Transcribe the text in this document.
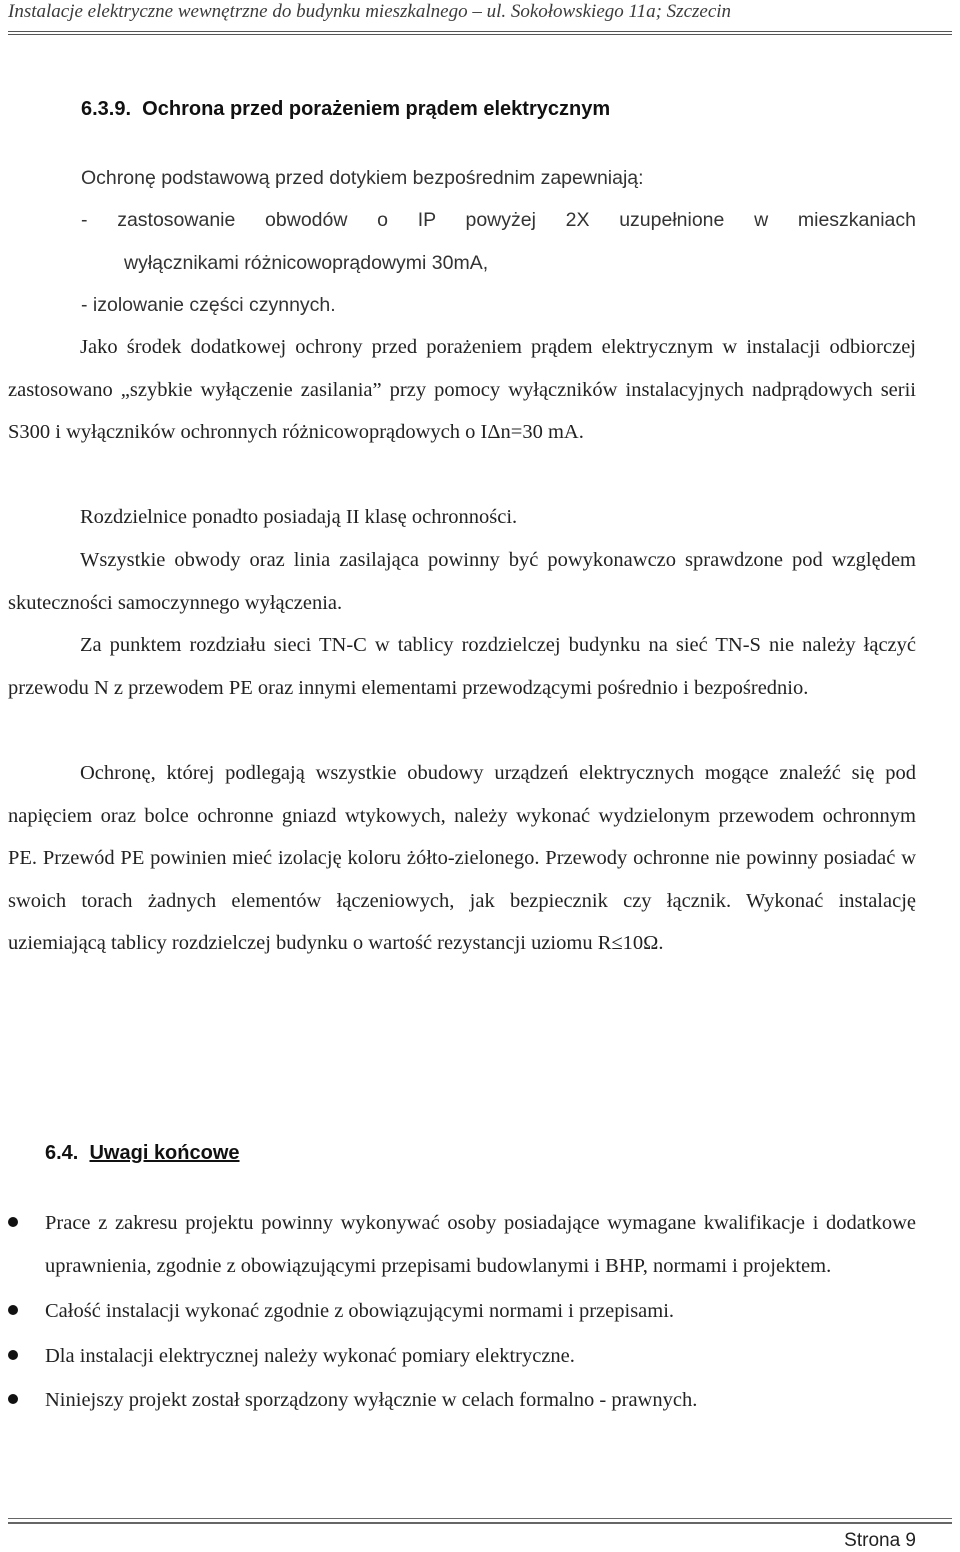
Instalacje elektryczne wewnętrzne do budynku mieszkalnego – ul. Sokołowskiego 11a; Szczecin
6.3.9. Ochrona przed porażeniem prądem elektrycznym
Ochronę podstawową przed dotykiem bezpośrednim zapewniają:
- zastosowanie obwodów o IP powyżej 2X uzupełnione w mieszkaniach
wyłącznikami różnicowoprądowymi 30mA,
- izolowanie części czynnych.
Jako środek dodatkowej ochrony przed porażeniem prądem elektrycznym w instalacji odbiorczej zastosowano „szybkie wyłączenie zasilania” przy pomocy wyłączników instalacyjnych nadprądowych serii S300 i wyłączników ochronnych różnicowoprądowych o IΔn=30 mA.
Rozdzielnice ponadto posiadają II klasę ochronności.
Wszystkie obwody oraz linia zasilająca powinny być powykonawczo sprawdzone pod względem skuteczności samoczynnego wyłączenia.
Za punktem rozdziału sieci TN-C w tablicy rozdzielczej budynku na sieć TN-S nie należy łączyć przewodu N z przewodem PE oraz innymi elementami przewodzącymi pośrednio i bezpośrednio.
Ochronę, której podlegają wszystkie obudowy urządzeń elektrycznych mogące znaleźć się pod napięciem oraz bolce ochronne gniazd wtykowych, należy wykonać wydzielonym przewodem ochronnym PE. Przewód PE powinien mieć izolację koloru żółto-zielonego. Przewody ochronne nie powinny posiadać w swoich torach żadnych elementów łączeniowych, jak bezpiecznik czy łącznik. Wykonać instalację uziemiającą tablicy rozdzielczej budynku o wartość rezystancji uziomu R≤10Ω.
6.4. Uwagi końcowe
Prace z zakresu projektu powinny wykonywać osoby posiadające wymagane kwalifikacje i dodatkowe uprawnienia, zgodnie z obowiązującymi przepisami budowlanymi i BHP, normami i projektem.
Całość instalacji wykonać zgodnie z obowiązującymi normami i przepisami.
Dla instalacji elektrycznej należy wykonać pomiary elektryczne.
Niniejszy projekt został sporządzony wyłącznie w celach formalno - prawnych.
Strona 9
